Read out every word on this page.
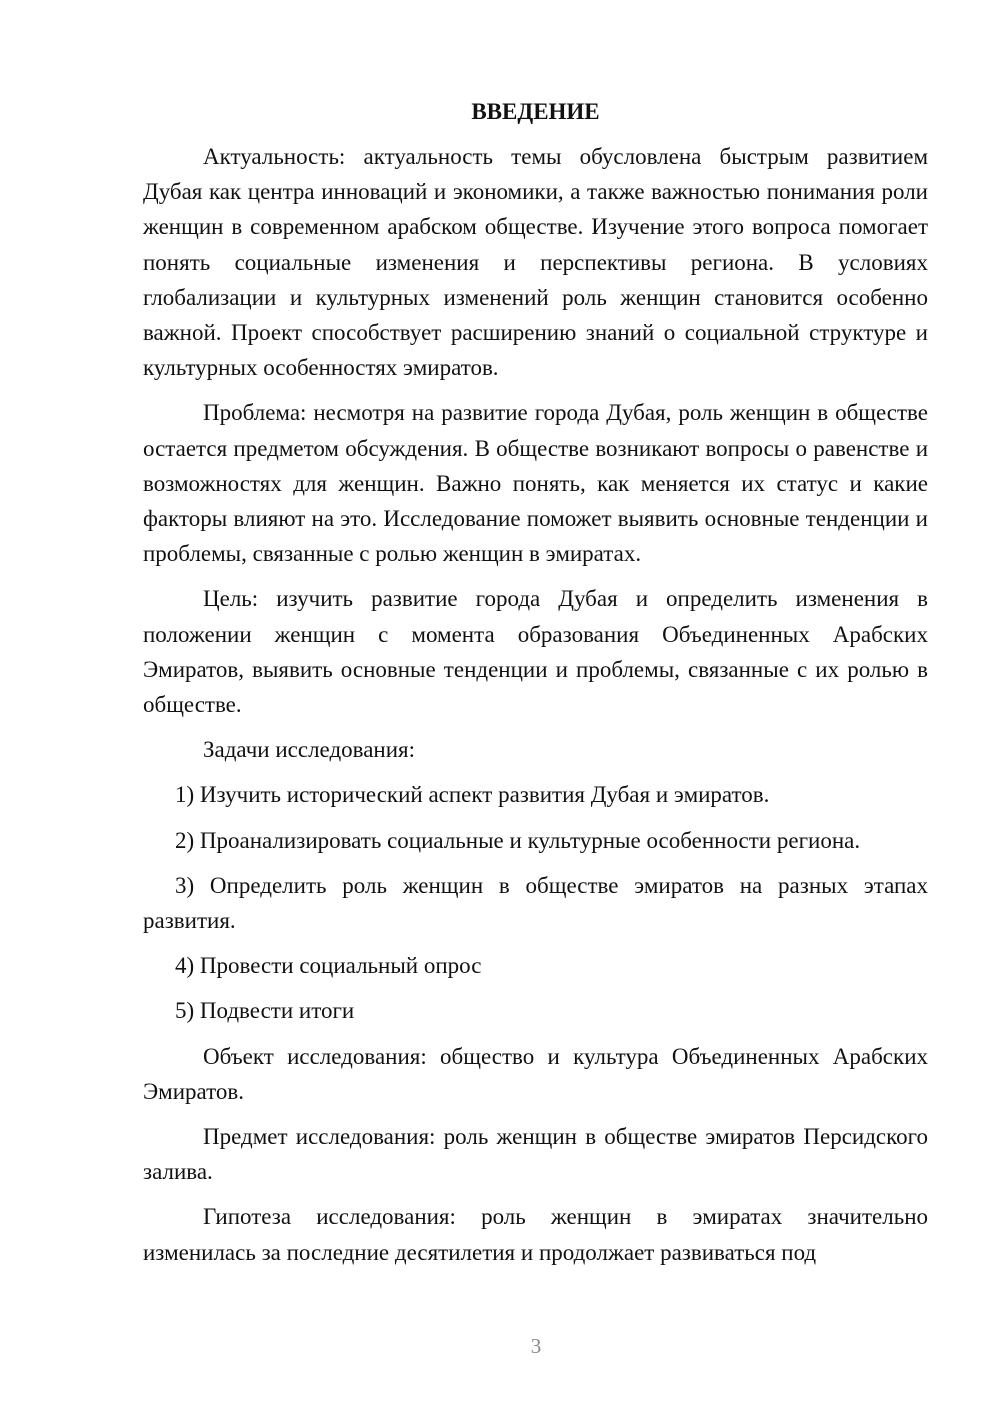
ВВЕДЕНИЕ

Актуальность: актуальность темы обусловлена быстрым развитием Дубая как центра инноваций и экономики, а также важностью понимания роли женщин в современном арабском обществе. Изучение этого вопроса помогает понять социальные изменения и перспективы региона. В условиях глобализации и культурных изменений роль женщин становится особенно важной. Проект способствует расширению знаний о социальной структуре и культурных особенностях эмиратов.

Проблема: несмотря на развитие города Дубая, роль женщин в обществе остается предметом обсуждения. В обществе возникают вопросы о равенстве и возможностях для женщин. Важно понять, как меняется их статус и какие факторы влияют на это. Исследование поможет выявить основные тенденции и проблемы, связанные с ролью женщин в эмиратах.

Цель: изучить развитие города Дубая и определить изменения в положении женщин с момента образования Объединенных Арабских Эмиратов, выявить основные тенденции и проблемы, связанные с их ролью в обществе.

Задачи исследования:

1) Изучить исторический аспект развития Дубая и эмиратов.

2) Проанализировать социальные и культурные особенности региона.

3) Определить роль женщин в обществе эмиратов на разных этапах развития.

4) Провести социальный опрос

5) Подвести итоги

Объект исследования: общество и культура Объединенных Арабских Эмиратов.

Предмет исследования: роль женщин в обществе эмиратов Персидского залива.

Гипотеза исследования: роль женщин в эмиратах значительно изменилась за последние десятилетия и продолжает развиваться под

3
